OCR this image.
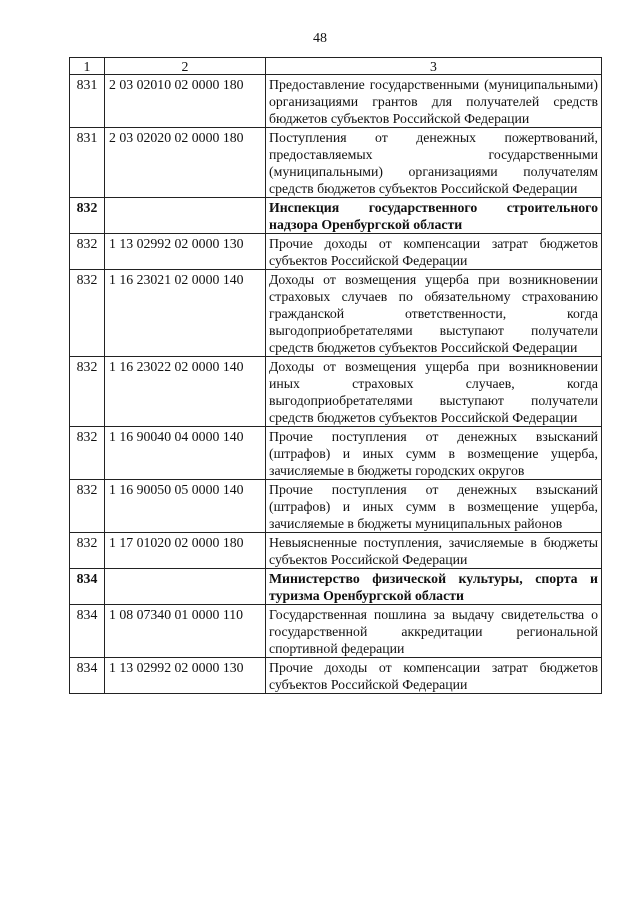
48
1	2	3
831	2 03 02010 02 0000 180	Предоставление государственными (муниципальными) организациями грантов для получателей средств бюджетов субъектов Российской Федерации
831	2 03 02020 02 0000 180	Поступления от денежных пожертвований, предоставляемых государственными (муниципальными) организациями получателям средств бюджетов субъектов Российской Федерации
832		Инспекция государственного строительного надзора Оренбургской области
832	1 13 02992 02 0000 130	Прочие доходы от компенсации затрат бюджетов субъектов Российской Федерации
832	1 16 23021 02 0000 140	Доходы от возмещения ущерба при возникновении страховых случаев по обязательному страхованию гражданской ответственности, когда выгодоприобретателями выступают получатели средств бюджетов субъектов Российской Федерации
832	1 16 23022 02 0000 140	Доходы от возмещения ущерба при возникновении иных страховых случаев, когда выгодоприобретателями выступают получатели средств бюджетов субъектов Российской Федерации
832	1 16 90040 04 0000 140	Прочие поступления от денежных взысканий (штрафов) и иных сумм в возмещение ущерба, зачисляемые в бюджеты городских округов
832	1 16 90050 05 0000 140	Прочие поступления от денежных взысканий (штрафов) и иных сумм в возмещение ущерба, зачисляемые в бюджеты муниципальных районов
832	1 17 01020 02 0000 180	Невыясненные поступления, зачисляемые в бюджеты субъектов Российской Федерации
834		Министерство физической культуры, спорта и туризма Оренбургской области
834	1 08 07340 01 0000 110	Государственная пошлина за выдачу свидетельства о государственной аккредитации региональной спортивной федерации
834	1 13 02992 02 0000 130	Прочие доходы от компенсации затрат бюджетов субъектов Российской Федерации
